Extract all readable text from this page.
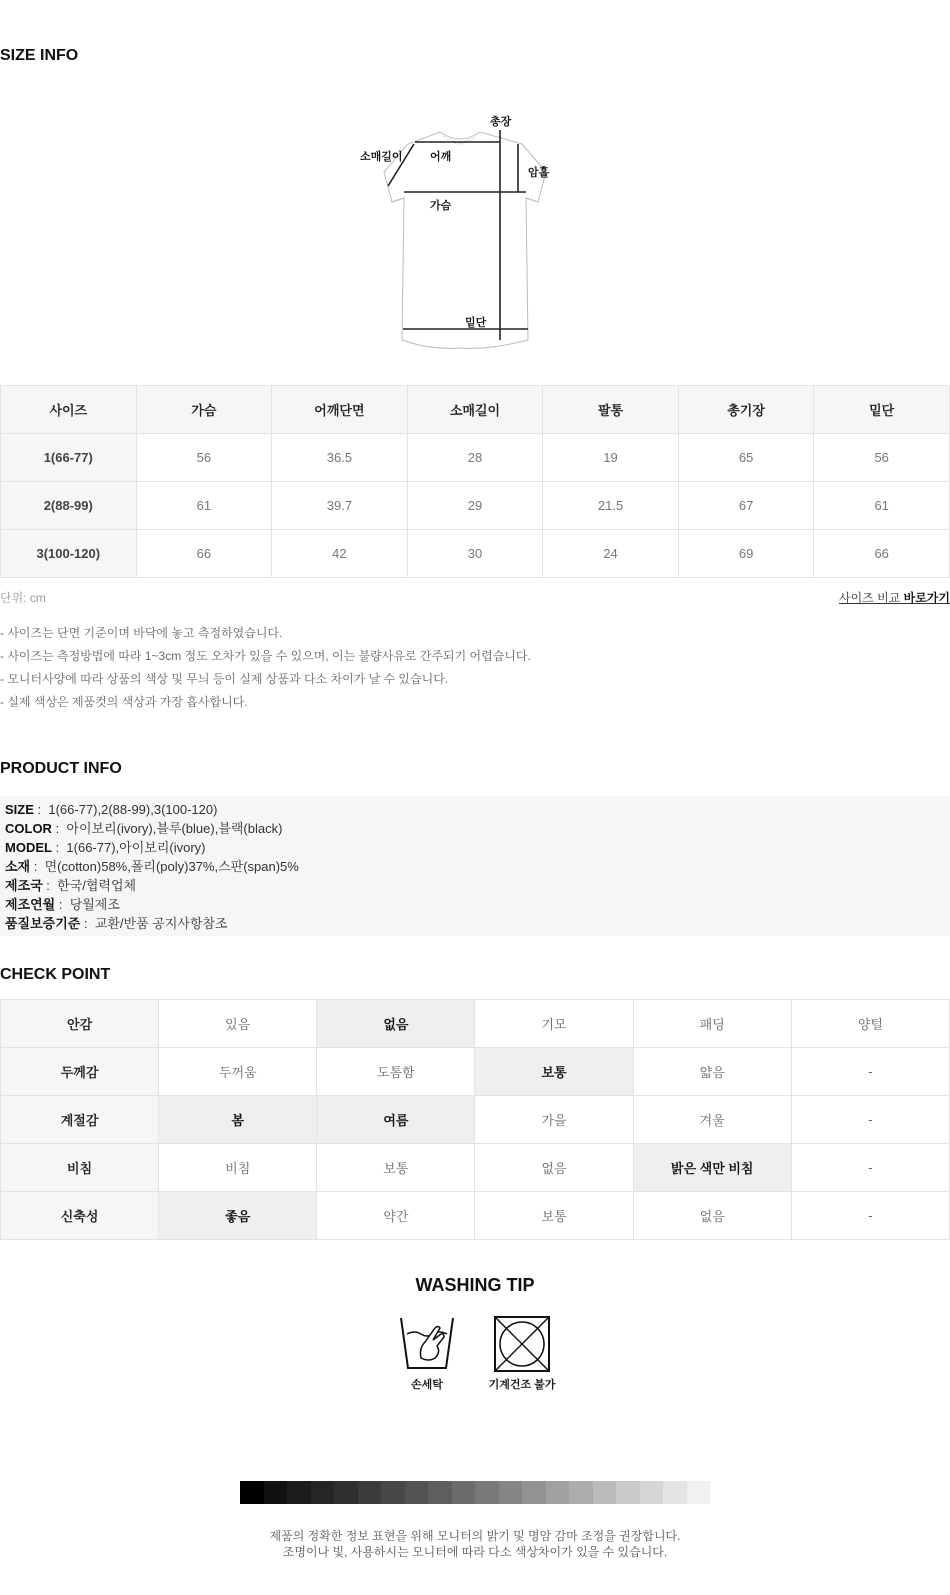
SIZE INFO
총장
소매길이 어깨
암홀
가슴
밑단
사이즈	가슴	어깨단면	소매길이	팔통	총기장	밑단
1(66-77)	56	36.5	28	19	65	56
2(88-99)	61	39.7	29	21.5	67	61
3(100-120)	66	42	30	24	69	66
단위: cm	사이즈 비교 바로가기
- 사이즈는 단면 기준이며 바닥에 놓고 측정하였습니다.
- 사이즈는 측정방법에 따라 1~3cm 정도 오차가 있을 수 있으며, 이는 불량사유로 간주되기 어렵습니다.
- 모니터사양에 따라 상품의 색상 및 무늬 등이 실제 상품과 다소 차이가 날 수 있습니다.
- 실제 색상은 제품컷의 색상과 가장 흡사합니다.
PRODUCT INFO
SIZE :  1(66-77),2(88-99),3(100-120)
COLOR :  아이보리(ivory),블루(blue),블랙(black)
MODEL :  1(66-77),아이보리(ivory)
소재 :  면(cotton)58%,폴리(poly)37%,스판(span)5%
제조국 :  한국/협력업체
제조연월 :  당월제조
품질보증기준 :  교환/반품 공지사항참조
CHECK POINT
안감	있음	없음	기모	패딩	양털
두께감	두꺼움	도톰함	보통	얇음	-
계절감	봄	여름	가을	겨울	-
비침	비침	보통	없음	밝은 색만 비침	-
신축성	좋음	약간	보통	없음	-
WASHING TIP
손세탁	기계건조 불가
제품의 정확한 정보 표현을 위해 모니터의 밝기 및 명암 감마 조정을 권장합니다.
조명이나 빛, 사용하시는 모니터에 따라 다소 색상차이가 있을 수 있습니다.
